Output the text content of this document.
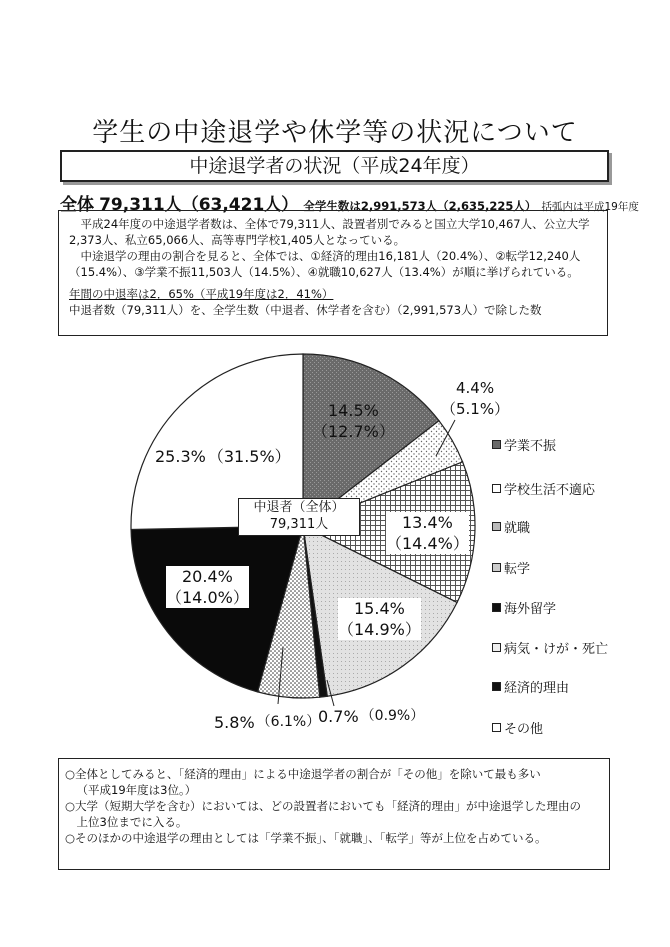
学生の中途退学や休学等の状況について
中途退学者の状況（平成24年度）
全体 79,311人（63,421人） 全学生数は2,991,573人（2,635,225人） 括弧内は平成19年度

平成24年度の中途退学者数は、全体で79,311人、設置者別でみると国立大学10,467人、公立大学2,373人、私立65,066人、高等専門学校1,405人となっている。

中途退学の理由の割合を見ると、全体では、①経済的理由16,181人（20.4%）、②転学12,240人（15.4%）、③学業不振11,503人（14.5%）、④就職10,627人（13.4%）が順に挙げられている。

年間の中退率は2．65%（平成19年度は2．41%）

中退者数（79,311人）を、全学生数（中退者、休学者を含む）（2,991,573人）で除した数

中退者（全体）
79,311人
14.5%
（12.7%）
4.4%
（5.1%）
13.4%
（14.4%）
15.4%
（14.9%）
0.7% （0.9%）
5.8% （6.1%）
20.4%
（14.0%）
25.3% （31.5%）
学業不振
学校生活不適応
就職
転学
海外留学
病気・けが・死亡
経済的理由
その他

○全体としてみると、「経済的理由」による中途退学者の割合が「その他」を除いて最も多い

（平成19年度は3位。）

○大学（短期大学を含む）においては、どの設置者においても「経済的理由」が中途退学した理由の

上位3位までに入る。

○そのほかの中途退学の理由としては「学業不振」、「就職」、「転学」等が上位を占めている。
